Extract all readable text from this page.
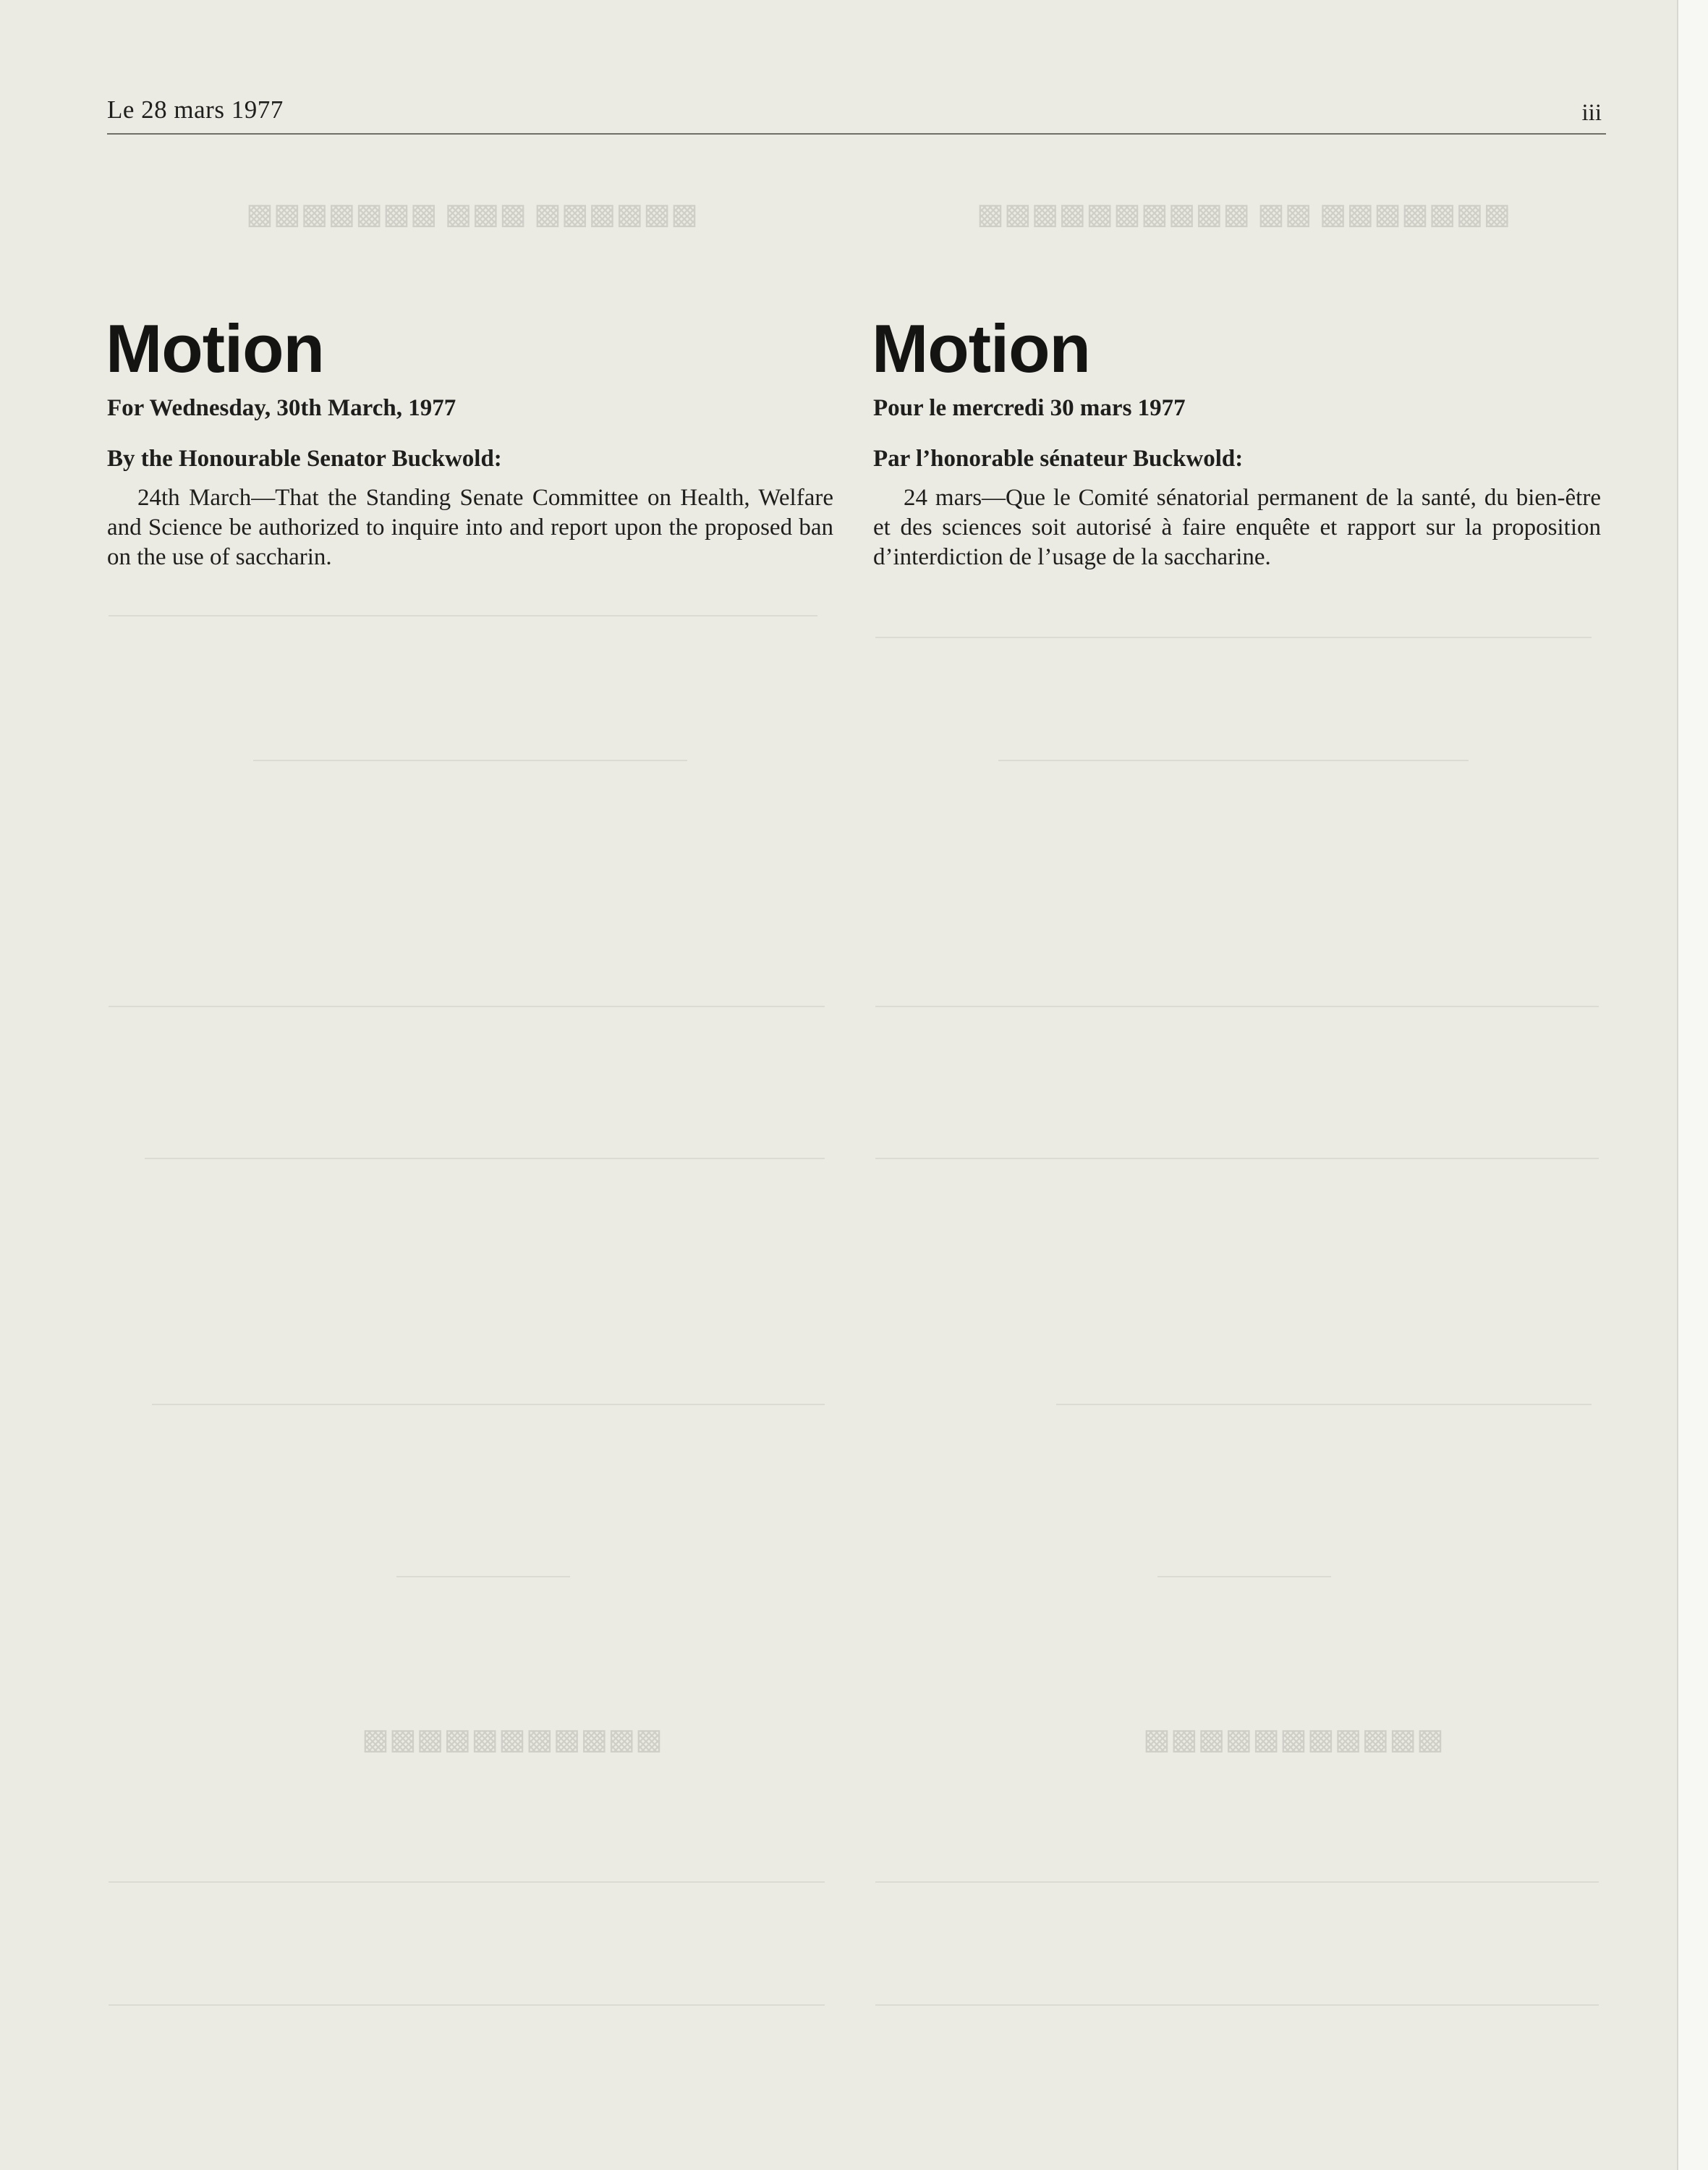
▩▩▩▩▩▩ ▩▩▩ ▩▩▩▩▩▩▩	▩▩▩▩▩▩▩ ▩▩ ▩▩▩▩▩▩▩▩▩▩
▩▩▩▩▩▩▩▩▩▩▩	▩▩▩▩▩▩▩▩▩▩▩
Le 28 mars 1977	iii
Motion
For Wednesday, 30th March, 1977
By the Honourable Senator Buckwold:

24th March—That the Standing Senate Committee on Health, Welfare and Science be authorized to inquire into and report upon the proposed ban on the use of saccharin.

Motion
Pour le mercredi 30 mars 1977
Par l’honorable sénateur Buckwold:

24 mars—Que le Comité sénatorial permanent de la santé, du bien-être et des sciences soit autorisé à faire enquête et rapport sur la proposition d’interdiction de l’usage de la saccharine.
